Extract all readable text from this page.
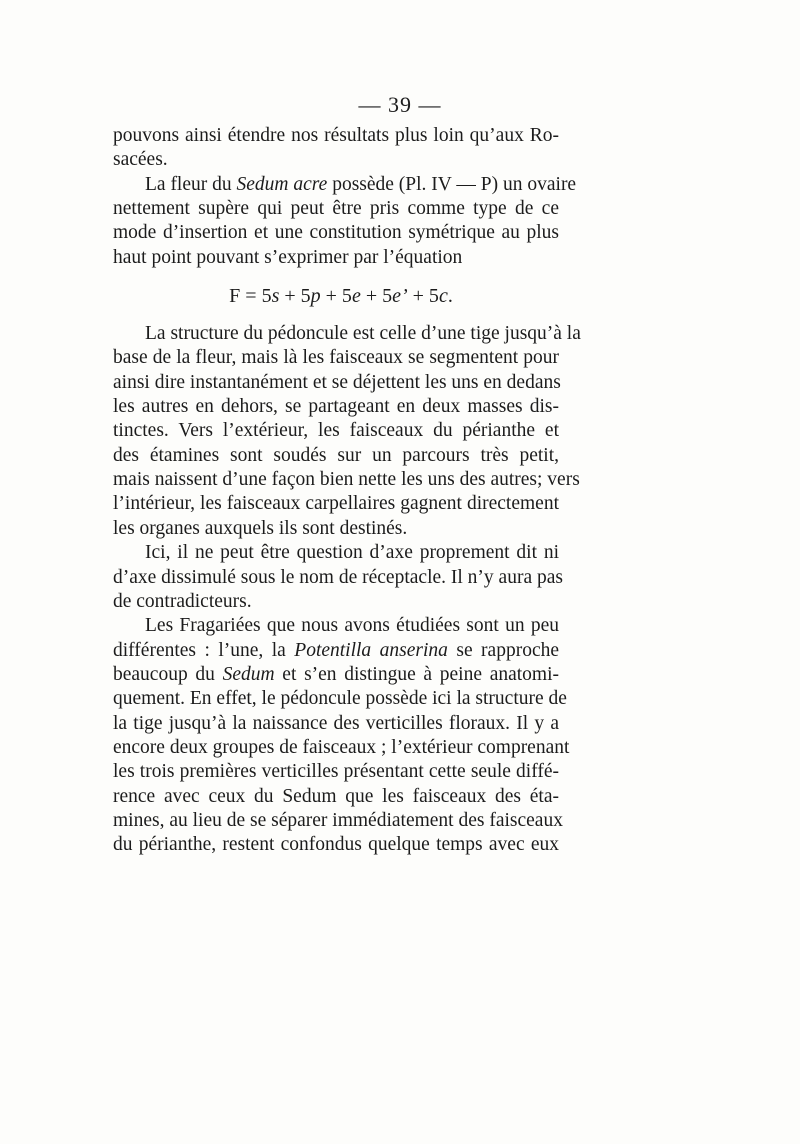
— 39 —
pouvons ainsi étendre nos résultats plus loin qu’aux Ro-
sacées.
La fleur du Sedum acre possède (Pl. IV — P) un ovaire
nettement supère qui peut être pris comme type de ce
mode d’insertion et une constitution symétrique au plus
haut point pouvant s’exprimer par l’équation
F = 5s + 5p + 5e + 5e’ + 5c.
La structure du pédoncule est celle d’une tige jusqu’à la
base de la fleur, mais là les faisceaux se segmentent pour
ainsi dire instantanément et se déjettent les uns en dedans
les autres en dehors, se partageant en deux masses dis-
tinctes. Vers l’extérieur, les faisceaux du périanthe et
des étamines sont soudés sur un parcours très petit,
mais naissent d’une façon bien nette les uns des autres; vers
l’intérieur, les faisceaux carpellaires gagnent directement
les organes auxquels ils sont destinés.
Ici, il ne peut être question d’axe proprement dit ni
d’axe dissimulé sous le nom de réceptacle. Il n’y aura pas
de contradicteurs.
Les Fragariées que nous avons étudiées sont un peu
différentes : l’une, la Potentilla anserina se rapproche
beaucoup du Sedum et s’en distingue à peine anatomi-
quement. En effet, le pédoncule possède ici la structure de
la tige jusqu’à la naissance des verticilles floraux. Il y a
encore deux groupes de faisceaux ; l’extérieur comprenant
les trois premières verticilles présentant cette seule diffé-
rence avec ceux du Sedum que les faisceaux des éta-
mines, au lieu de se séparer immédiatement des faisceaux
du périanthe, restent confondus quelque temps avec eux
